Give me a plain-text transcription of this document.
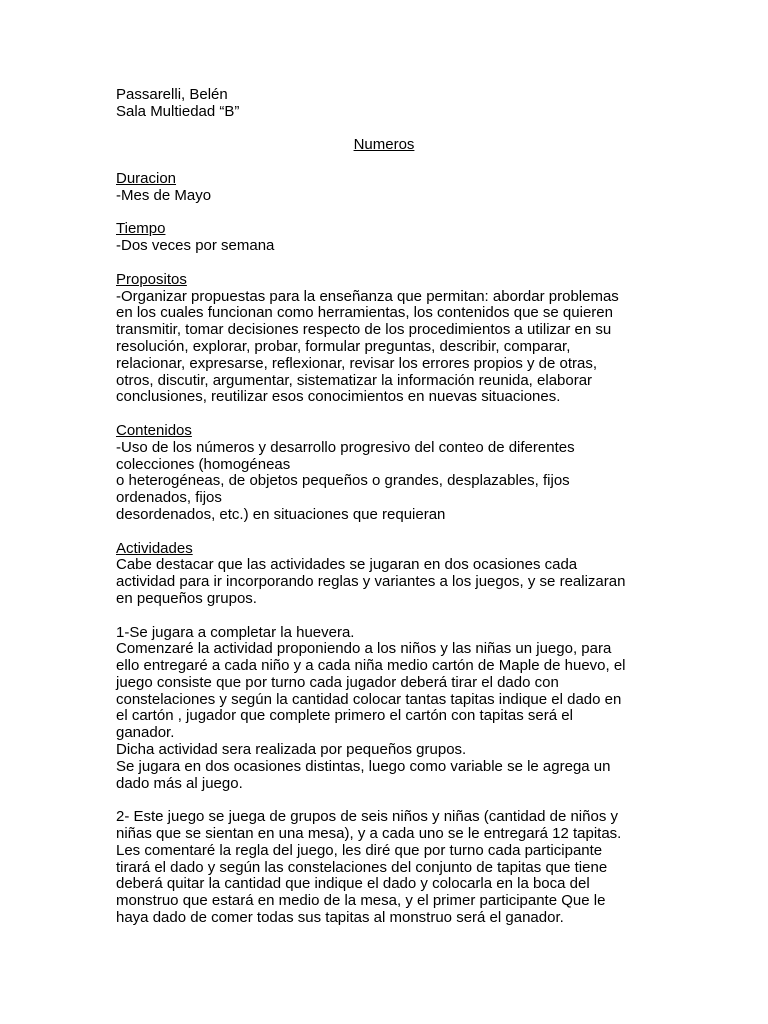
Passarelli, Belén
Sala Multiedad “B”
Numeros
Duracion
-Mes de Mayo
Tiempo
-Dos veces por semana
Propositos
-Organizar propuestas para la enseñanza que permitan: abordar problemas
en los cuales funcionan como herramientas, los contenidos que se quieren
transmitir, tomar decisiones respecto de los procedimientos a utilizar en su
resolución, explorar, probar, formular preguntas, describir, comparar,
relacionar, expresarse, reflexionar, revisar los errores propios y de otras,
otros, discutir, argumentar, sistematizar la información reunida, elaborar
conclusiones, reutilizar esos conocimientos en nuevas situaciones.
Contenidos
-Uso de los números y desarrollo progresivo del conteo de diferentes
colecciones (homogéneas
o heterogéneas, de objetos pequeños o grandes, desplazables, fijos
ordenados, fijos
desordenados, etc.) en situaciones que requieran
Actividades
Cabe destacar que las actividades se jugaran en dos ocasiones cada
actividad para ir incorporando reglas y variantes a los juegos, y se realizaran
en pequeños grupos.
1-Se jugara a completar la huevera.
Comenzaré la actividad proponiendo a los niños y las niñas un juego, para
ello entregaré a cada niño y a cada niña medio cartón de Maple de huevo, el
juego consiste que por turno cada jugador deberá tirar el dado con
constelaciones y según la cantidad colocar tantas tapitas indique el dado en
el cartón , jugador que complete primero el cartón con tapitas será el
ganador.
Dicha actividad sera realizada por pequeños grupos.
Se jugara en dos ocasiones distintas, luego como variable se le agrega un
dado más al juego.
2- Este juego se juega de grupos de seis niños y niñas (cantidad de niños y
niñas que se sientan en una mesa), y a cada uno se le entregará 12 tapitas.
Les comentaré la regla del juego, les diré que por turno cada participante
tirará el dado y según las constelaciones del conjunto de tapitas que tiene
deberá quitar la cantidad que indique el dado y colocarla en la boca del
monstruo que estará en medio de la mesa, y el primer participante Que le
haya dado de comer todas sus tapitas al monstruo será el ganador.
